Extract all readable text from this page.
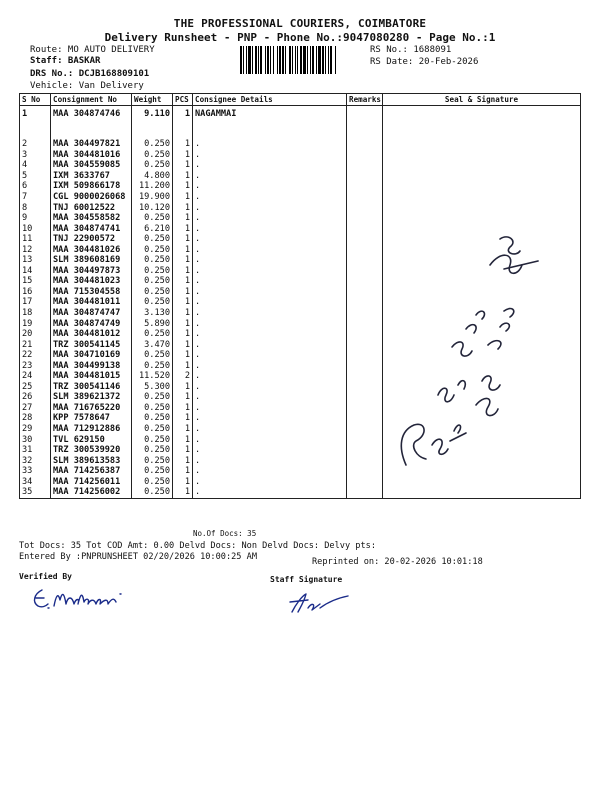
THE PROFESSIONAL COURIERS, COIMBATORE
Delivery Runsheet - PNP - Phone No.:9047080280 - Page No.:1
Route: MO AUTO DELIVERY
Staff: BASKAR
DRS No.: DCJB168809101
Vehicle: Van Delivery
RS No.: 1688091
RS Date: 20-Feb-2026
S No	Consignment No	Weight	PCS	Consignee Details	Remarks	Seal & Signature
1	MAA 304874746	9.110	1	NAGAMMAI		
2	MAA 304497821	0.250	1	.		
3	MAA 304481016	0.250	1	.		
4	MAA 304559085	0.250	1	.		
5	IXM 3633767	4.800	1	.		
6	IXM 509866178	11.200	1	.		
7	CGL 9000026068	19.900	1	.		
8	TNJ 60012522	10.120	1	.		
9	MAA 304558582	0.250	1	.		
10	MAA 304874741	6.210	1	.		
11	TNJ 22900572	0.250	1	.		
12	MAA 304481026	0.250	1	.		
13	SLM 389608169	0.250	1	.		
14	MAA 304497873	0.250	1	.		
15	MAA 304481023	0.250	1	.		
16	MAA 715304558	0.250	1	.		
17	MAA 304481011	0.250	1	.		
18	MAA 304874747	3.130	1	.		
19	MAA 304874749	5.890	1	.		
20	MAA 304481012	0.250	1	.		
21	TRZ 300541145	3.470	1	.		
22	MAA 304710169	0.250	1	.		
23	MAA 304499138	0.250	1	.		
24	MAA 304481015	11.520	2	.		
25	TRZ 300541146	5.300	1	.		
26	SLM 389621372	0.250	1	.		
27	MAA 716765220	0.250	1	.		
28	KPP 7578647	0.250	1	.		
29	MAA 712912886	0.250	1	.		
30	TVL 629150	0.250	1	.		
31	TRZ 300539920	0.250	1	.		
32	SLM 389613583	0.250	1	.		
33	MAA 714256387	0.250	1	.		
34	MAA 714256011	0.250	1	.		
35	MAA 714256002	0.250	1	.		
No.Of Docs: 35
Tot Docs: 35 Tot COD Amt: 0.00 Delvd Docs: Non Delvd Docs: Delvy pts:
Entered By :PNPRUNSHEET 02/20/2026 10:00:25 AM	Reprinted on: 20-02-2026 10:01:18
Verified By	Staff Signature
